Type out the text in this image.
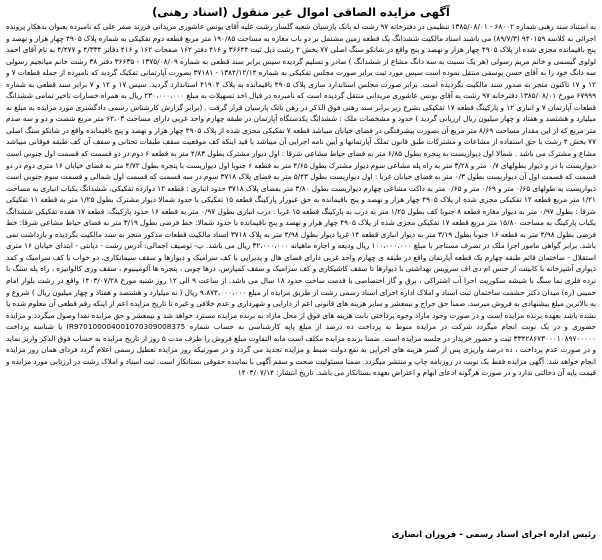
آگهی مزایده الصاقی اموال غیر منقول (اسناد رهنی)
به استناد سند رهنی شماره ۶۸۰۰۲ - ۱۳۸۵/۰۸/۰۱ تنظیمی در دفترخانه ۹۷ رشت له بانک پارسیان شعبه گلسار رشت علیه آقای یونس عاشوری مریدانی فرزند صفر علی که نامبرده بعنوان بدهکار پرونده اجرائی به کلاسه ۹۴۰۱۵۹ (۸۹/۷/۳) می باشند اسناد مالکیت ششدانگ یک قطعه زمین مشتمل بر دو باب مغازه به مساحت ۱۹۰/۸۵ متر مربع قطعه دوم تفکیکی به شماره پلاک ۴۹۰۵ چهار هزار و نهصد و پنج باقیمانده مجزی شده از پلاک ۴۹۰۵ چهار هزار و نهصد و پنج واقع در شانکو سنگ اصلی ۷۷ بخش ۴ رشت ذیل ثبت ۳۶۶۴۴ و ۴۱۶ دفتر ۱۶۲ صفحات ۱۶۲ و ۴۱۶ دفاتر ۴/۳۳۴ و ۴/۴۷۷ به نام آقای احمد لولوی گیسمی و خانم مریم رسولی (هر یک نسبت به سه دانگ مشاع از ششدانگ ) صادر و تسلیم گردیده سپس برابر سند قطعی به شماره ۱۳۷۵/۰۸/۰۹ - ۳۶۶۳۵ دفتر ۳۸ رشت خانم میانجیم رسولی سه دانگ خود را به آقای حسن یوسفی منتقل نموده است سپس مورد ثبت برابر صورت مجلس تفکیکی به شماره ۱۳۸۴/۱۲/۱۴ - ۳۷۱۸۱ بصورت آپارتمانی تفکیک گردید که نامبرده از جمله قطعات ۷ و ۱۲ و ۱۷ تاکنون منجر به صدور سند مالکیت نگردیده است. برابر صورت مجلس استاندارد سازی پلاک ۴۹۰۵ باقیمانده به پلاک ۴۱۹۰۴ استاندارد گردید. سپس ۱۷ و ۱۲ و ۷ برابر سند قطعی به شماره ۶۷۹۹۹ مورخ ۱۳۸۵/۰۸/۰۱ دفترخانه ۹۷ رشت به آقای یونس عاشوری مریدانی منتقل گردیده است که نامبرده در قبال اخذ تسهیلات به مبلغ ۲۳۰،۰۰۰،۰۰۰ ریال به همراه خسارات تاخیر تمامی ششدانگ قطعات آپارتمان ۷ و انباری ۱۲ و پارکینگ قطعه ۱۷ تفکیکی بشرح زیر برابر سند رهنی فوق الذکر در رهن بانک پارسیان قرار گرفت . (برابر گزارش کارشناس رسمی دادگستری مورد مزایده به مبلغ نه میلیارد و هشتصد و هفتاد و چهار میلیون ریال ارزیابی گردید ) حدود و مشخصات ملک : ششدانگ یکدستگاه آپارتمان در طبقه چهارم واحد غربی دارای مساحت ۶۲،۰۳ متر مربع شصت و دو و سه صدم متر مربع که از این مقدار مساحت ۸/۶۹ متر مربع آن بصورت پیشرفتگی در فضای خیابان میباشد قطعه ۷ تفکیکی مجزی شده از پلاک ۴۹۰۵ چهار هزار و نهصد و پنج باقیمانده واقع در شانکو سنگ اصلی ۷۷ بخش ۴ رشت با حق استفاده از مشاعات و مشترکات طبق قانون تملک آپارتمانها و آیین نامه اجرایی آن میباشد با قید اینکه کف موقعیت سقف طبقات تحتانی و سقف آن کف طبقه فوقانی میباشد مشاع و مشترک می باشد . شمالا اول دیواریست به پنجره بطول ۶/۸۵ متر به فضای حیاط مشاعی شرقا : اول دیوار مشترک بطول ۴/۸۳ متر به قطعه ۶ دوم در دو قسمت که قسمت اول جنوبی است دیواریست با در و دیوار بطولهای ۰/۷ متر و ۳/۲۸ متر به راه پله مشاعی سوم دیوار مشترک بطول ۴/۶۵ متر به قطعه ۶ جنوبا اول دیواریست با پنجره بطول ۴/۷۲ متر به فضای خیابان ۱۶ متری دوم در دو قسمت که قسمت اول آن دیواریست بطول ۰/۳ متر به فضای خیابان غربا : اول دیواریست بطول ۵/۴۳ متر به فضای پلاک ۳۷۱۸ سوم در سه قسمت که قسمت اول شمالی و قسمت سوم جنوبی است دیواریست به طولهای ۰/۶۵ متر و ۰/۶۹ متر و ۰/۶۵ متر به داکت مشاعی چهارم دیواریست بطول ۳/۸۰ متر بفضای پلاک ۳۷۱۸ حدود انباری : قطعه ۱۲ دوازده تفکیکی، ششدانگ یکباب انباری به مساحت ۱/۲۱ متر مربع قطعه ۱۲ تفکیکی مجزی شده از پلاک ۴۹۰۵ چهار هزار و نهصد و پنج باقیمانده به حق عبورار پارکینگ قطعه ۱۵ تفکیکی با حدود شمالا دیوار مشترک بطول ۱/۲۵ متر به قطعه ۱۱ تفکیکی شرقا : بطول ۰/۹۷ متر به دیوار مغازه قطعه ۸ جنوبا کف بطول ۱/۲۵ متر به درب به پارکینگ قطعه ۱۵ غربا : درب انباری بطول ۰/۹۷ متر به قطعه ۱۶ حدود پارکینگ: قطعه ۱۷ هفده تفکیکی ششدانگ یکباب پارکینگ به مساحت ۱۵/۸۰ متر مربع قطعه ۱۷ تفکیکی مجزی شده از پلاک ۴۹۰۵ چهار هزار و نهصد و پنج باقیمانده با حدود شمالا: خط فرضی بطول ۳/۱۹ متر به فضای حیاط مشاعی شرقا: خط فرضی بطول ۴/۹۸ متر به قطعه ۱۶ جنوبا بطول ۳/۱۹ متر به دیوار انباری قطعه ۱۴ غربا دیوار بطول ۴/۹۸ متر به پلاک ۳۷۱۸ اسناد مالکیت قطعات مذکور منجر به سند مالکیت نگردیده و بازداشت نمی باشد. برابر گواهی مامور اجرا ملک در تصرف مستاجر با مبلغ ۱۰۰،۰۰۰،۰۰۰ ریال ودیعه و اجاره ماهیانه ۳۲،۰۰۰،۰۰۰ ریال می باشد. پ- توصیف اجمالی: آدرس رشت - دیانتی - ابتدای خیابان ۱۶ متری استقلال - ساختمان قائم طبقه چهارم یک قطعه آپارتمان واقع در طبقه ی چهارم واحد غربی دارای فضای هال و پذیرایی با کف سرامیک و دیوارها و سقف سیمانکاری، دو خواب با کف سرامیک و کمد دیواری آشپزخانه با کابینت از جنس ام دی اف سرویس بهداشتی با دیوارها تا سقف کاشیکاری و کف سرامیک و سقف کمپارس، درها چوبی ، پنجره ها آلومینیوم ، سقف وری کالوانیزه ، راه پله سنگ با نرده فلزی نما سنگ با شیشه سکوریت اجرا آب اشتراکی ، برق و گاز اختصاصی با قدمت ساخت حدود ۱۸ سال می باشد. از ساعت ۹ الی ۱۲ روز شنبه مورخ ۱۴۰۳/۰۷/۲۸ واقع در رشت بلوار امام خمینی (ره) میدان دکتر حشمت ساختمان ثبت اسناد و املاک اداره اجرای اسناد رسمی رشت از طریق مزایده از مبلغ ۹،۸۷۴،۰۰۰،۰۰۰ ریال ( نه میلیارد و هشتصد و هفتاد و چهار میلیون ریال ) شروع و به بالاترین مبلغ پیشنهادی به فروش میرسد. ضمنا حق حراج و نیمعشر و سایر هزینه های قانونی اعم از دارایی و شهرداری و عدم خلافی و غیره تا تاریخ مزایده اعم از اینکه رقم قطعی آن معلوم شده یا نشده باشد بعهده برنده مزایده است و در صورت وجود مازاد وجوه پرداختی بابت هزینه های فوق از محل مازاد به برنده مزایده مسترد خواهد شد و نیمعشر و حق مزایده نقدا وصول میگردد و مزایده حضوری و در یک نوبت انجام میگردد شرکت در مزایده منوط به پرداخت ده درصد از مبلغ پایه کارشناسی به حساب شماره IR970100004001070309008375 با شناسه پرداخت ۳۳۴۲۸۶۷۳۰۰۰۱۰۸۹۷۰۰۰۰۰ ثبت و حضور خریدار در جلسه مزایده است. ضمنا برنده مزایده مکلف است مابه التفاوت مبلغ فروش را ظرف مدت ۵ روز از تاریخ مزایده به حساب فوق الذکر واریز نماید و در صورت عدم پرداخت ، ده درصد واریزی پس از کسر هزینه های اجرایی به نفع دولت ضبط و مزایده تجدید می گردد و در صورتیکه روز مزایده تعطیل رسمی اعلام گردد فردای همان روز مزایده انجام خواهد شد. آگهی مزایده فقط یک نوبت در روزنامه چاپ و منتشر میگردد. ضمنا مسئولیت صحت و سقم آگهی با نماینده حقوقی بستانکار است. ثبت اسناد و املاک رشت در ارزیابی مورد مزایده و قیمت پایه آن دخالتی ندارد و در صورت هرگونه ادعای ابهام و اعتراض بعهده بستانکار می باشد. تاریخ انتشار: ۱۴۰۳/۰۷/۱۴
رئیس اداره اجرای اسناد رسمی - فروزان انصاری
